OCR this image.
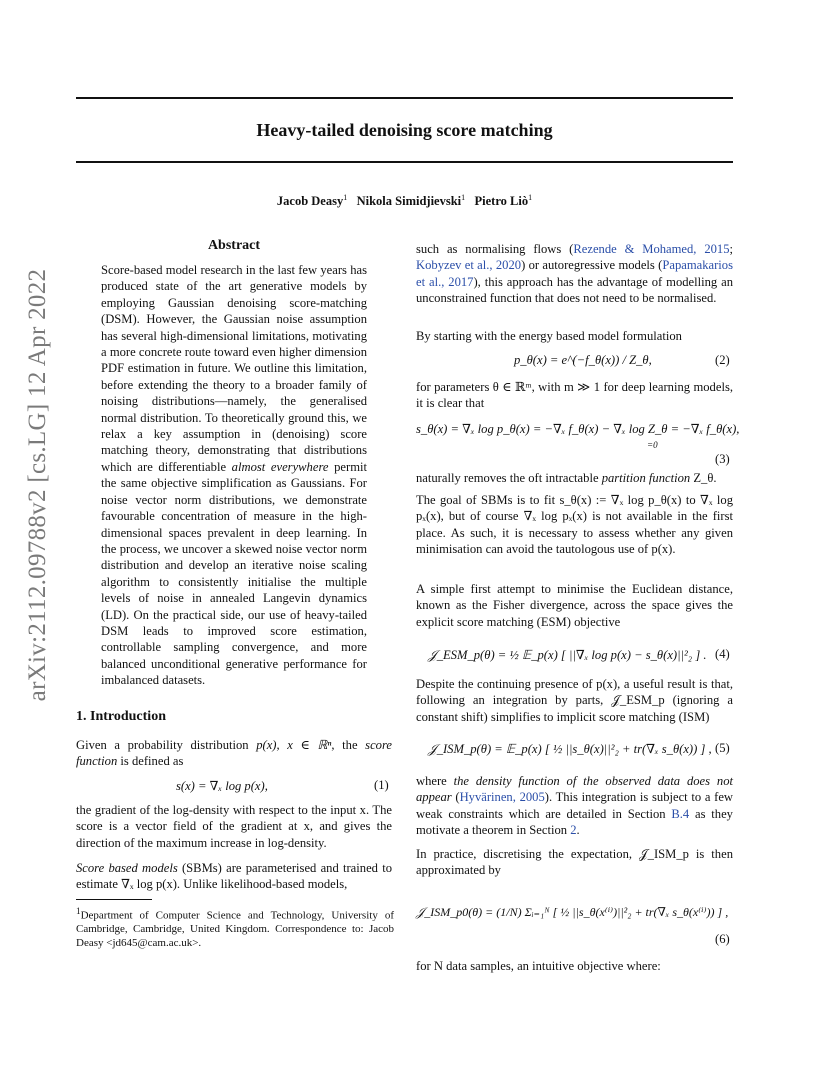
arXiv:2112.09788v2 [cs.LG] 12 Apr 2022
Heavy-tailed denoising score matching
Jacob Deasy$^1$ Nikola Simidjievski$^1$ Pietro Liò$^1$
Abstract

Score-based model research in the last few years has produced state of the art generative models by employing Gaussian denoising score-matching (DSM). However, the Gaussian noise assumption has several high-dimensional limitations, motivating a more concrete route toward even higher dimension PDF estimation in future. We outline this limitation, before extending the theory to a broader family of noising distributions—namely, the generalised normal distribution. To theoretically ground this, we relax a key assumption in (denoising) score matching theory, demonstrating that distributions which are differentiable almost everywhere permit the same objective simplification as Gaussians. For noise vector norm distributions, we demonstrate favourable concentration of measure in the high-dimensional spaces prevalent in deep learning. In the process, we uncover a skewed noise vector norm distribution and develop an iterative noise scaling algorithm to consistently initialise the multiple levels of noise in annealed Langevin dynamics (LD). On the practical side, our use of heavy-tailed DSM leads to improved score estimation, controllable sampling convergence, and more balanced unconditional generative performance for imbalanced datasets.

1. Introduction

Given a probability distribution p(x), x ∈ ℝⁿ, the score function is defined as

s(x) = ∇ₓ log p(x),	(1)

the gradient of the log-density with respect to the input x. The score is a vector field of the gradient at x, and gives the direction of the maximum increase in log-density.

Score based models (SBMs) are parameterised and trained to estimate ∇ₓ log p(x). Unlike likelihood-based models,

$^1$Department of Computer Science and Technology, University of Cambridge, Cambridge, United Kingdom. Correspondence to: Jacob Deasy <jd645@cam.ac.uk>.

such as normalising flows (Rezende & Mohamed, 2015; Kobyzev et al., 2020) or autoregressive models (Papamakarios et al., 2017), this approach has the advantage of modelling an unconstrained function that does not need to be normalised.

By starting with the energy based model formulation

p_θ(x) = e^(−f_θ(x)) / Z_θ,	(2)

for parameters θ ∈ ℝᵐ, with m ≫ 1 for deep learning models, it is clear that

s_θ(x) = ∇ₓ log p_θ(x) = −∇ₓ f_θ(x) − ∇ₓ log Z_θ = −∇ₓ f_θ(x),
=0
(3)

naturally removes the oft intractable partition function Z_θ.

The goal of SBMs is to fit s_θ(x) := ∇ₓ log p_θ(x) to ∇ₓ log pₓ(x), but of course ∇ₓ log pₓ(x) is not available in the first place. As such, it is necessary to assess whether any given minimisation can avoid the tautologous use of p(x).

A simple first attempt to minimise the Euclidean distance, known as the Fisher divergence, across the space gives the explicit score matching (ESM) objective

𝒥_ESM_p(θ) = ½ 𝔼_p(x) [ ||∇ₓ log p(x) − s_θ(x)||²₂ ] . (4)

Despite the continuing presence of p(x), a useful result is that, following an integration by parts, 𝒥_ESM_p (ignoring a constant shift) simplifies to implicit score matching (ISM)

𝒥_ISM_p(θ) = 𝔼_p(x) [ ½ ||s_θ(x)||²₂ + tr(∇ₓ s_θ(x)) ] , (5)

where the density function of the observed data does not appear (Hyvärinen, 2005). This integration is subject to a few weak constraints which are detailed in Section B.4 as they motivate a theorem in Section 2.

In practice, discretising the expectation, 𝒥_ISM_p is then approximated by

𝒥_ISM_p0(θ) = (1/N) Σᵢ₌₁ᴺ [ ½ ||s_θ(x⁽ⁱ⁾)||²₂ + tr(∇ₓ s_θ(x⁽ⁱ⁾)) ] ,
(6)

for N data samples, an intuitive objective where:
